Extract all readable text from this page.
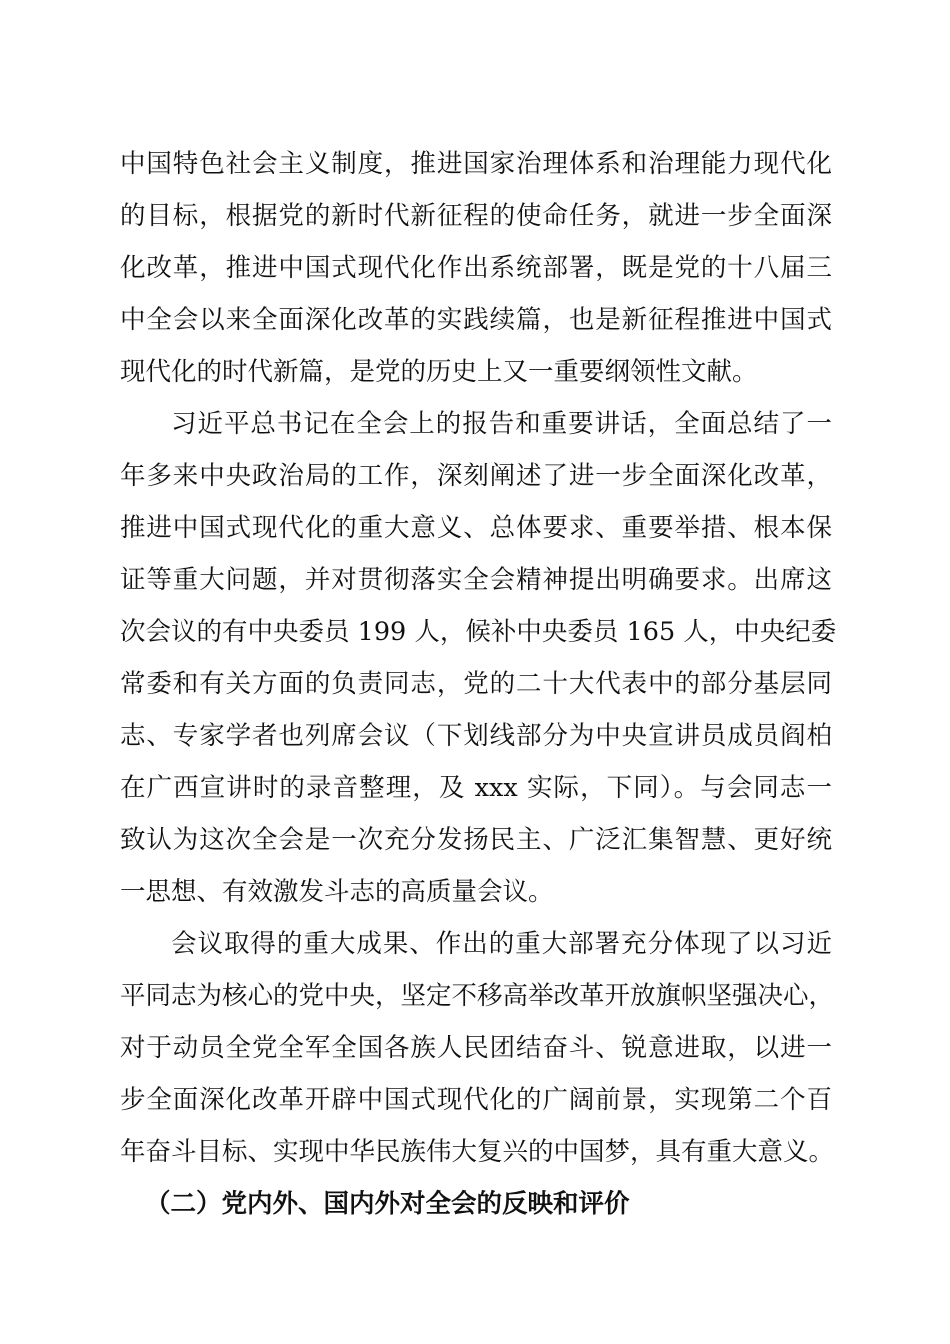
中国特色社会主义制度，推进国家治理体系和治理能力现代化
的目标，根据党的新时代新征程的使命任务，就进一步全面深
化改革，推进中国式现代化作出系统部署，既是党的十八届三
中全会以来全面深化改革的实践续篇，也是新征程推进中国式
现代化的时代新篇，是党的历史上又一重要纲领性文献。
习近平总书记在全会上的报告和重要讲话，全面总结了一
年多来中央政治局的工作，深刻阐述了进一步全面深化改革，
推进中国式现代化的重大意义、总体要求、重要举措、根本保
证等重大问题，并对贯彻落实全会精神提出明确要求。出席这
次会议的有中央委员 199 人，候补中央委员 165 人，中央纪委
常委和有关方面的负责同志，党的二十大代表中的部分基层同
志、专家学者也列席会议（下划线部分为中央宣讲员成员阎柏
在广西宣讲时的录音整理，及 xxx 实际，下同）。与会同志一
致认为这次全会是一次充分发扬民主、广泛汇集智慧、更好统
一思想、有效激发斗志的高质量会议。
会议取得的重大成果、作出的重大部署充分体现了以习近
平同志为核心的党中央，坚定不移高举改革开放旗帜坚强决心，
对于动员全党全军全国各族人民团结奋斗、锐意进取，以进一
步全面深化改革开辟中国式现代化的广阔前景，实现第二个百
年奋斗目标、实现中华民族伟大复兴的中国梦，具有重大意义。
（二）党内外、国内外对全会的反映和评价
